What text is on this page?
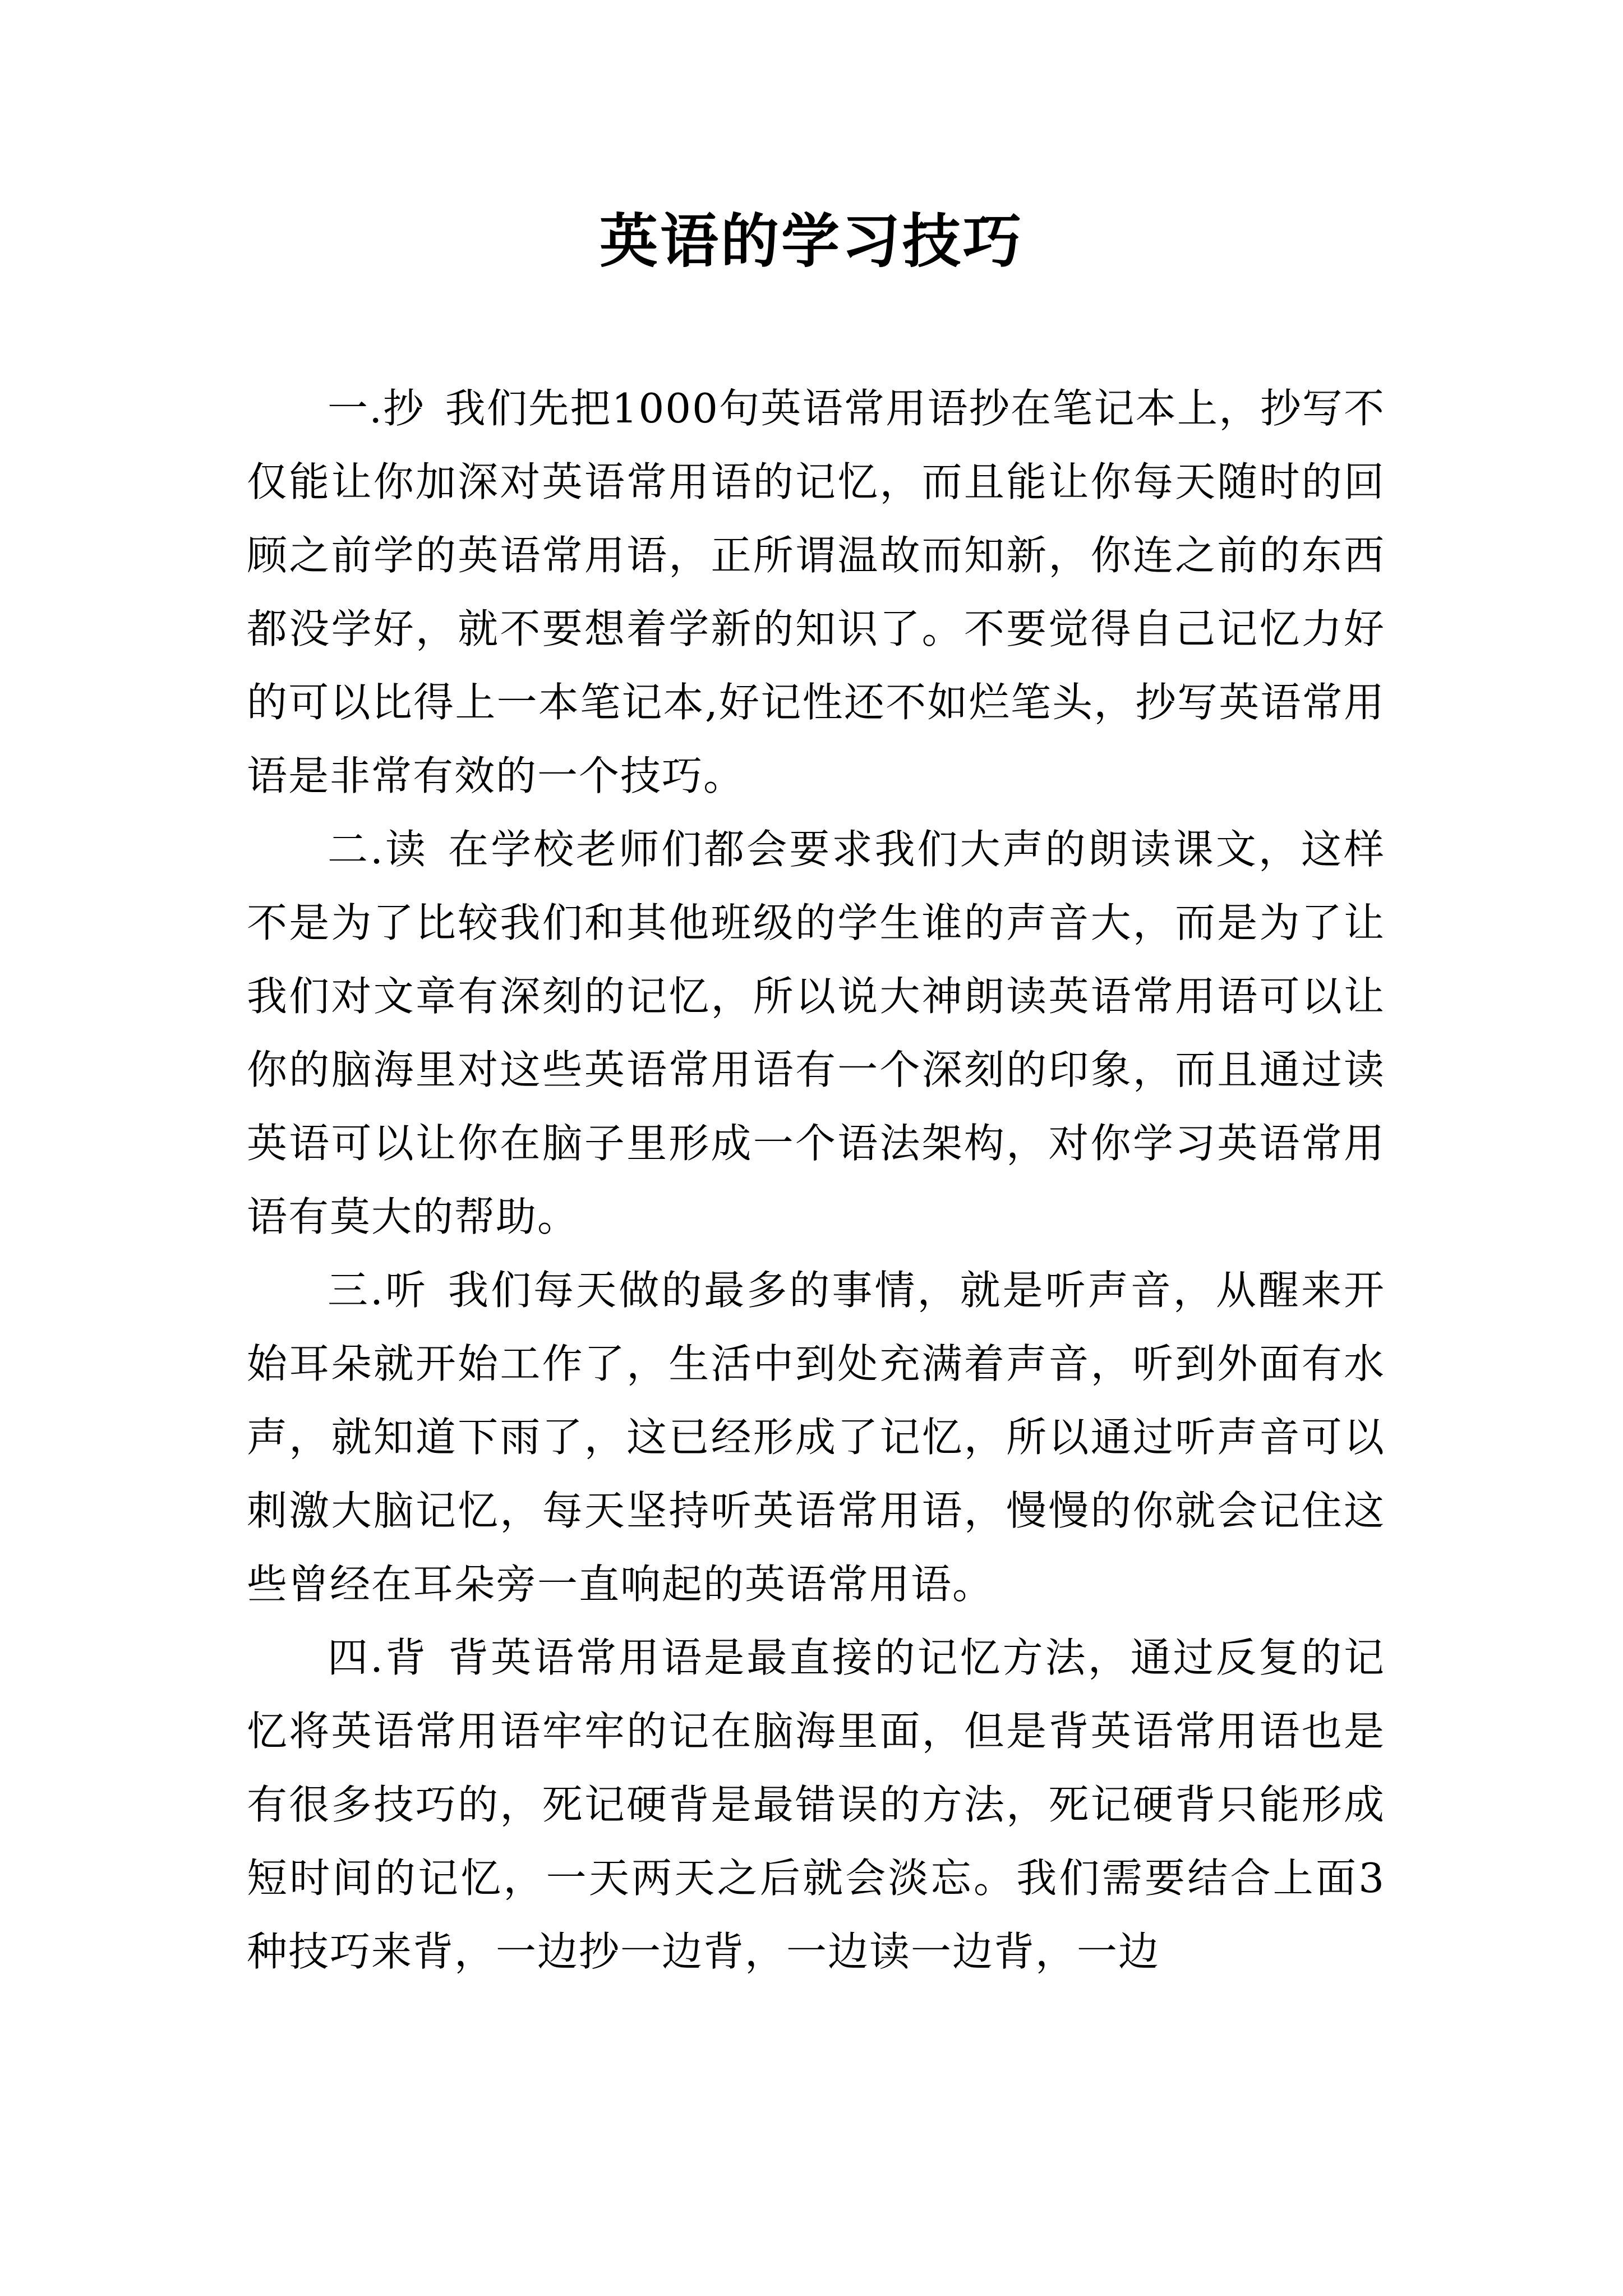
英语的学习技巧

一.抄 我们先把1000句英语常用语抄在笔记本上，抄写不仅能让你加深对英语常用语的记忆，而且能让你每天随时的回顾之前学的英语常用语，正所谓温故而知新，你连之前的东西都没学好，就不要想着学新的知识了。不要觉得自己记忆力好的可以比得上一本笔记本,好记性还不如烂笔头，抄写英语常用语是非常有效的一个技巧。

二.读 在学校老师们都会要求我们大声的朗读课文，这样不是为了比较我们和其他班级的学生谁的声音大，而是为了让我们对文章有深刻的记忆，所以说大神朗读英语常用语可以让你的脑海里对这些英语常用语有一个深刻的印象，而且通过读英语可以让你在脑子里形成一个语法架构，对你学习英语常用语有莫大的帮助。

三.听 我们每天做的最多的事情，就是听声音，从醒来开始耳朵就开始工作了，生活中到处充满着声音，听到外面有水声，就知道下雨了，这已经形成了记忆，所以通过听声音可以刺激大脑记忆，每天坚持听英语常用语，慢慢的你就会记住这些曾经在耳朵旁一直响起的英语常用语。

四.背 背英语常用语是最直接的记忆方法，通过反复的记忆将英语常用语牢牢的记在脑海里面，但是背英语常用语也是有很多技巧的，死记硬背是最错误的方法，死记硬背只能形成短时间的记忆，一天两天之后就会淡忘。我们需要结合上面3种技巧来背，一边抄一边背，一边读一边背，一边
